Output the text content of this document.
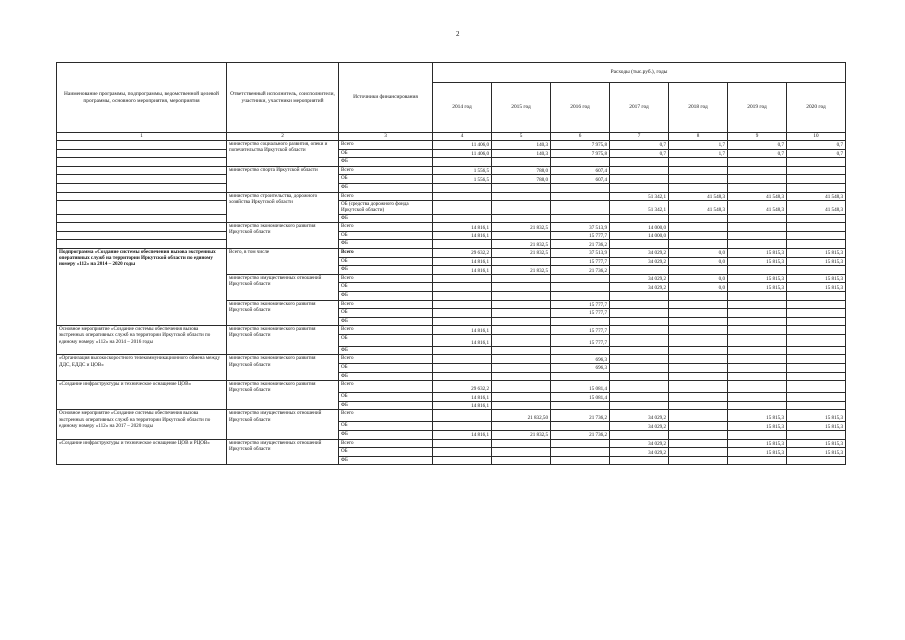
2
Наименование программы, подпрограммы, ведомственной целевой программы, основного мероприятия, мероприятия	Ответственный исполнитель, соисполнители, участники, участники мероприятий	Источники финансирования	Расходы (тыс.руб.), годы						
			2014 год	2015 год	2016 год	2017 год	2018 год	2019 год	2020 год
1	2	3	4	5	6	7	8	9	10
	министерство социального развития, опеки и попечительства Иркутской области	Всего	11 406,0	140,3	7 975,8	0,7	1,7	0,7	0,7
		ОБ	11 406,0	140,3	7 975,8	0,7	1,7	0,7	0,7
		ФБ							
	министерство спорта Иркутской области	Всего	1 556,5	788,0	607,4				
		ОБ	1 556,5	788,0	607,4				
		ФБ							
	министерство строительства, дорожного хозяйства Иркутской области	Всего				51 342,1	41 548,3	41 548,3	41 548,3
		ОБ (средства дорожного фонда Иркутской области)				51 342,1	41 548,3	41 548,3	41 548,3
		ФБ							
	министерство экономического развития Иркутской области	Всего	14 816,1	21 832,5	37 513,9	14 000,0			
		ОБ	14 816,1		15 777,7	14 000,0			
		ФБ		21 832,5	21 736,2				
Подпрограмма «Создание системы обеспечения вызова экстренных оперативных служб на территории Иркутской области по единому номеру «112» на 2014 – 2020 годы	Всего, в том числе	Всего	29 632,2	21 832,5	37 513,9	34 029,2	0,0	15 815,3	15 815,3
		ОБ	14 816,1		15 777,7	34 029,2	0,0	15 815,3	15 815,3
		ФБ	14 816,1	21 832,5	21 736,2				
	министерство имущественных отношений Иркутской области	Всего				34 029,2	0,0	15 815,3	15 815,3
		ОБ				34 029,2	0,0	15 815,3	15 815,3
		ФБ							
	министерство экономического развития Иркутской области	Всего			15 777,7				
		ОБ			15 777,7				
		ФБ							
Основное мероприятие «Создание системы обеспечения вызова экстренных оперативных служб на территории Иркутской области по единому номеру «112» на 2014 – 2016 годы	министерство экономического развития Иркутской области	Всего	14 816,1		15 777,7				
		ОБ	14 816,1		15 777,7				
		ФБ							
«Организация высокоскоростного телекоммуникационного обмена между ДДС, ЕДДС и ЦОВ»	министерство экономического развития Иркутской области	Всего			696,3				
		ОБ			696,3				
		ФБ							
«Создание инфраструктуры и техническое оснащение ЦОВ»	министерство экономического развития Иркутской области	Всего	29 632,2		15 081,4				
		ОБ	14 816,1		15 081,4				
		ФБ	14 816,1						
Основное мероприятие «Создание системы обеспечения вызова экстренных оперативных служб на территории Иркутской области по единому номеру «112» на 2017 – 2020 годы	министерство имущественных отношений Иркутской области	Всего		21 832,50	21 736,2	34 029,2		15 815,3	15 815,3
		ОБ				34 029,2		15 815,3	15 815,3
		ФБ	14 816,1	21 832,5	21 736,2				
«Создание инфраструктуры и техническое оснащение ЦОВ и РЦОВ»	министерство имущественных отношений Иркутской области	Всего				34 029,2		15 815,3	15 815,3
		ОБ				34 029,2		15 815,3	15 815,3
		ФБ							
